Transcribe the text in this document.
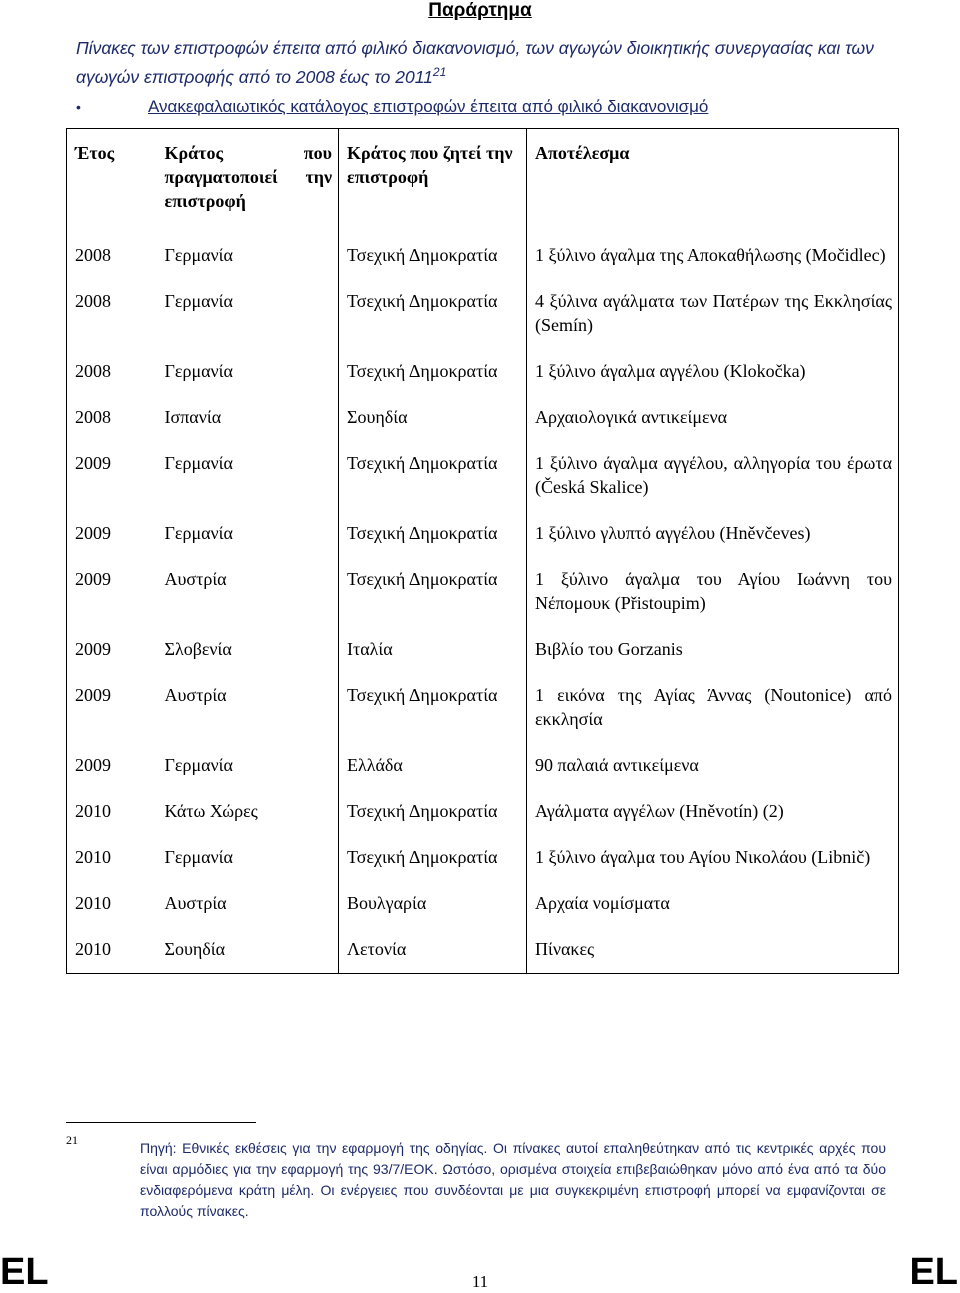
Παράρτημα
Πίνακες των επιστροφών έπειτα από φιλικό διακανονισμό, των αγωγών διοικητικής συνεργασίας και των αγωγών επιστροφής από το 2008 έως το 2011$^{21}$
•	Ανακεφαλαιωτικός κατάλογος επιστροφών έπειτα από φιλικό διακανονισμό
Έτος	Κράτος που πραγματοποιεί την επιστροφή	Κράτος που ζητεί την επιστροφή	Αποτέλεσμα
2008	Γερμανία	Τσεχική Δημοκρατία	1 ξύλινο άγαλμα της Αποκαθήλωσης (Močidlec)
2008	Γερμανία	Τσεχική Δημοκρατία	4 ξύλινα αγάλματα των Πατέρων της Εκκλησίας (Semín)
2008	Γερμανία	Τσεχική Δημοκρατία	1 ξύλινο άγαλμα αγγέλου (Klokočka)
2008	Ισπανία	Σουηδία	Αρχαιολογικά αντικείμενα
2009	Γερμανία	Τσεχική Δημοκρατία	1 ξύλινο άγαλμα αγγέλου, αλληγορία του έρωτα (Česká Skalice)
2009	Γερμανία	Τσεχική Δημοκρατία	1 ξύλινο γλυπτό αγγέλου (Hněvčeves)
2009	Αυστρία	Τσεχική Δημοκρατία	1 ξύλινο άγαλμα του Αγίου Ιωάννη του Νέπομουκ (Přistoupim)
2009	Σλοβενία	Ιταλία	Βιβλίο του Gorzanis
2009	Αυστρία	Τσεχική Δημοκρατία	1 εικόνα της Αγίας Άννας (Noutonice) από εκκλησία
2009	Γερμανία	Ελλάδα	90 παλαιά αντικείμενα
2010	Κάτω Χώρες	Τσεχική Δημοκρατία	Αγάλματα αγγέλων (Hněvotín) (2)
2010	Γερμανία	Τσεχική Δημοκρατία	1 ξύλινο άγαλμα του Αγίου Νικολάου (Libnič)
2010	Αυστρία	Βουλγαρία	Αρχαία νομίσματα
2010	Σουηδία	Λετονία	Πίνακες
21	Πηγή: Εθνικές εκθέσεις για την εφαρμογή της οδηγίας. Οι πίνακες αυτοί επαληθεύτηκαν από τις κεντρικές αρχές που είναι αρμόδιες για την εφαρμογή της 93/7/ΕΟΚ. Ωστόσο, ορισμένα στοιχεία επιβεβαιώθηκαν μόνο από ένα από τα δύο ενδιαφερόμενα κράτη μέλη. Οι ενέργειες που συνδέονται με μια συγκεκριμένη επιστροφή μπορεί να εμφανίζονται σε πολλούς πίνακες.
EL	11	EL
